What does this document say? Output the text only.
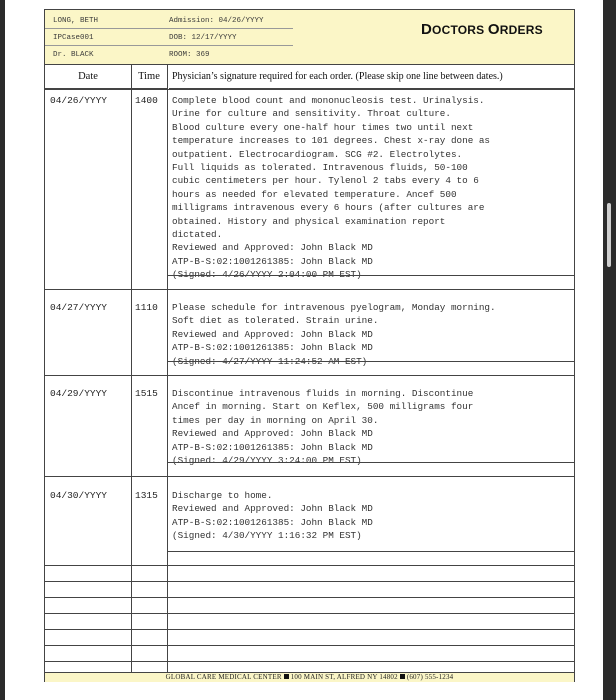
LONG, BETH
IPCase001
Dr. BLACK
Admission: 04/26/YYYY
DOB: 12/17/YYYY
ROOM: 369
DOCTORS ORDERS
Date	Time	Physician’s signature required for each order. (Please skip one line between dates.)
04/26/YYYY	1400 Complete blood count and mononucleosis test. Urinalysis.
Urine for culture and sensitivity. Throat culture.
Blood culture every one-half hour times two until next
temperature increases to 101 degrees. Chest x-ray done as
outpatient. Electrocardiogram. SCG #2. Electrolytes.
Full liquids as tolerated. Intravenous fluids, 50-100
cubic centimeters per hour. Tylenol 2 tabs every 4 to 6
hours as needed for elevated temperature. Ancef 500
milligrams intravenous every 6 hours (after cultures are
obtained. History and physical examination report
dictated.
Reviewed and Approved: John Black MD
ATP-B-S:02:1001261385: John Black MD
(Signed: 4/26/YYYY 2:04:00 PM EST)
04/27/YYYY	1110 Please schedule for intravenous pyelogram, Monday morning.
Soft diet as tolerated. Strain urine.
Reviewed and Approved: John Black MD
ATP-B-S:02:1001261385: John Black MD
(Signed: 4/27/YYYY 11:24:52 AM EST)
04/29/YYYY	1515 Discontinue intravenous fluids in morning. Discontinue
Ancef in morning. Start on Keflex, 500 milligrams four
times per day in morning on April 30.
Reviewed and Approved: John Black MD
ATP-B-S:02:1001261385: John Black MD
(Signed: 4/29/YYYY 3:24:00 PM EST)
04/30/YYYY	1315 Discharge to home.
Reviewed and Approved: John Black MD
ATP-B-S:02:1001261385: John Black MD
(Signed: 4/30/YYYY 1:16:32 PM EST)
GLOBAL CARE MEDICAL CENTER 100 MAIN ST, ALFRED NY 14802 (607) 555-1234
